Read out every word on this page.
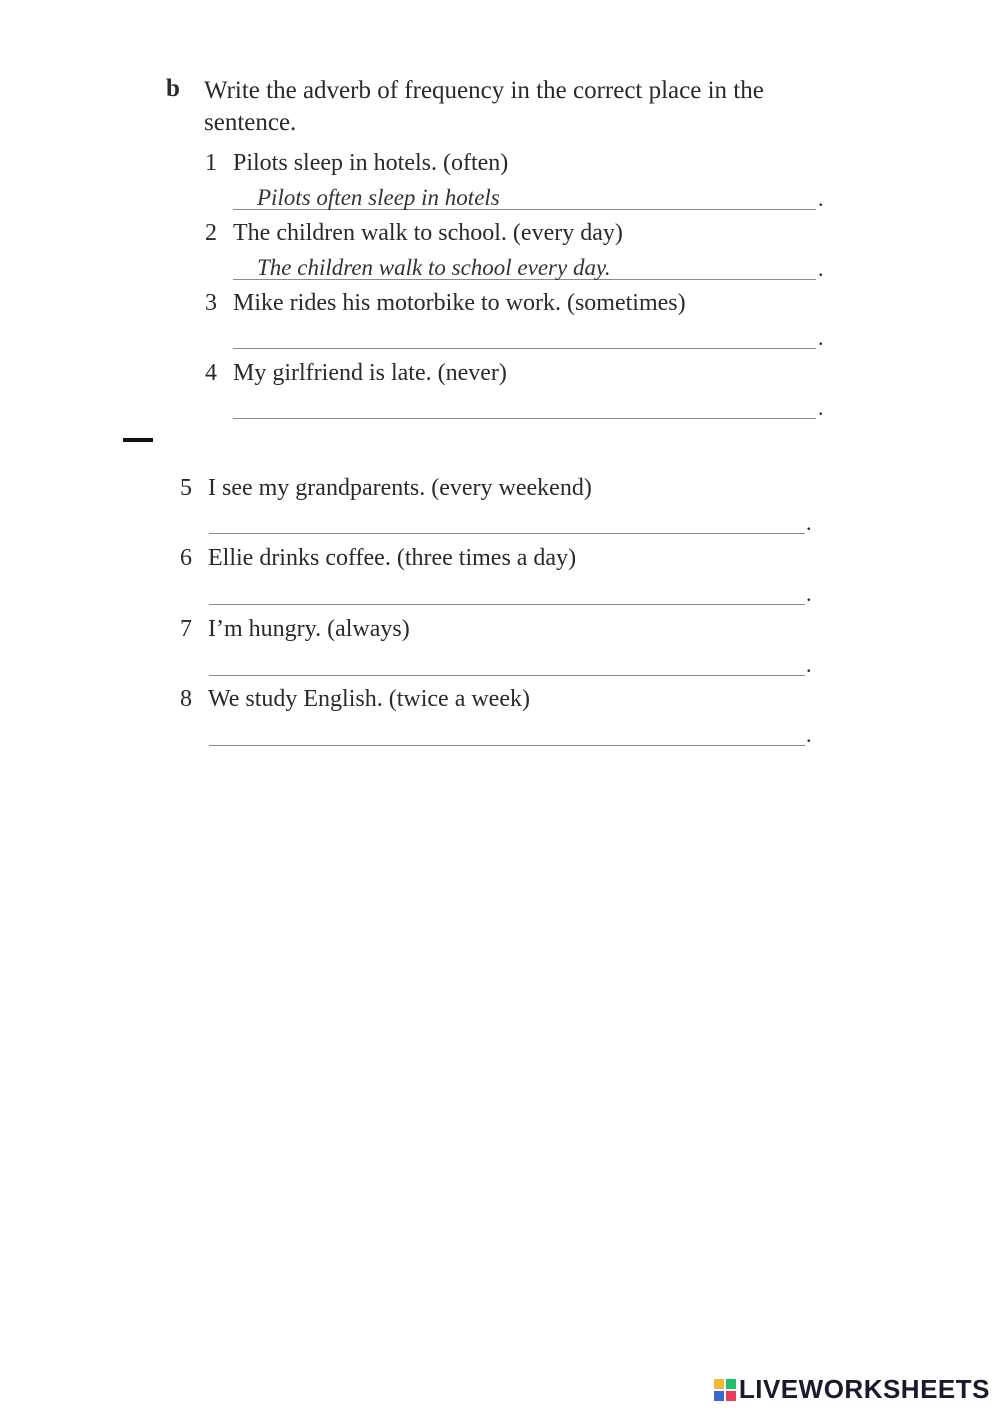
b Write the adverb of frequency in the correct place in the sentence.
1 Pilots sleep in hotels. (often)
Pilots often sleep in hotels	.
2 The children walk to school. (every day)
The children walk to school every day.	.
3 Mike rides his motorbike to work. (sometimes)
.
4 My girlfriend is late. (never)
.
5 I see my grandparents. (every weekend)
.
6 Ellie drinks coffee. (three times a day)
.
7 I’m hungry. (always)
.
8 We study English. (twice a week)
.
LIVEWORKSHEETS
